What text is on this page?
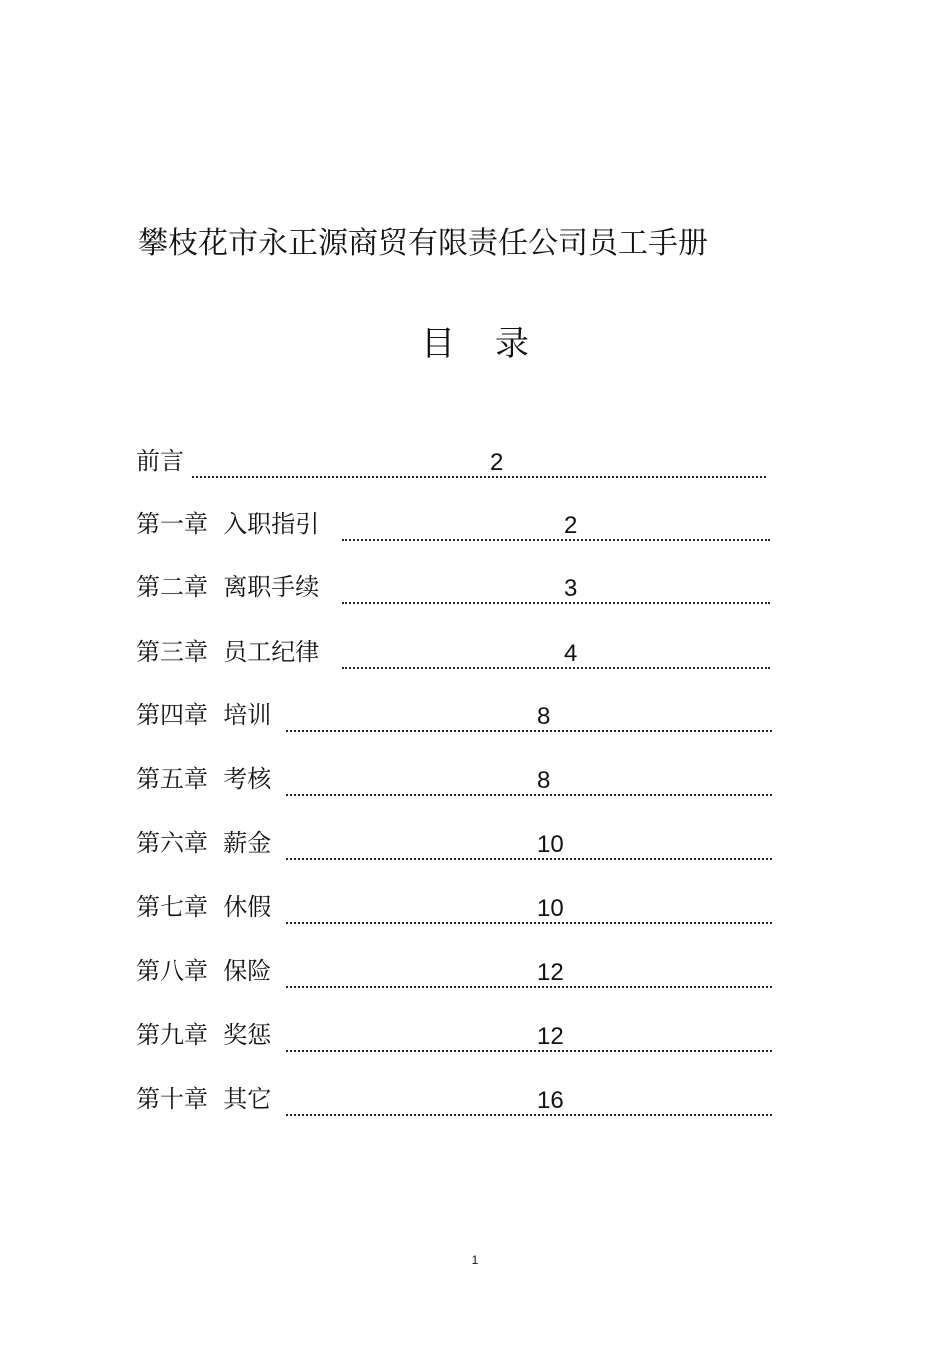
攀枝花市永正源商贸有限责任公司员工手册
目 录
前言	2
第一章  入职指引	2
第二章  离职手续	3
第三章  员工纪律	4
第四章  培训	8
第五章  考核	8
第六章  薪金	10
第七章  休假	10
第八章  保险	12
第九章  奖惩	12
第十章  其它	16
1
